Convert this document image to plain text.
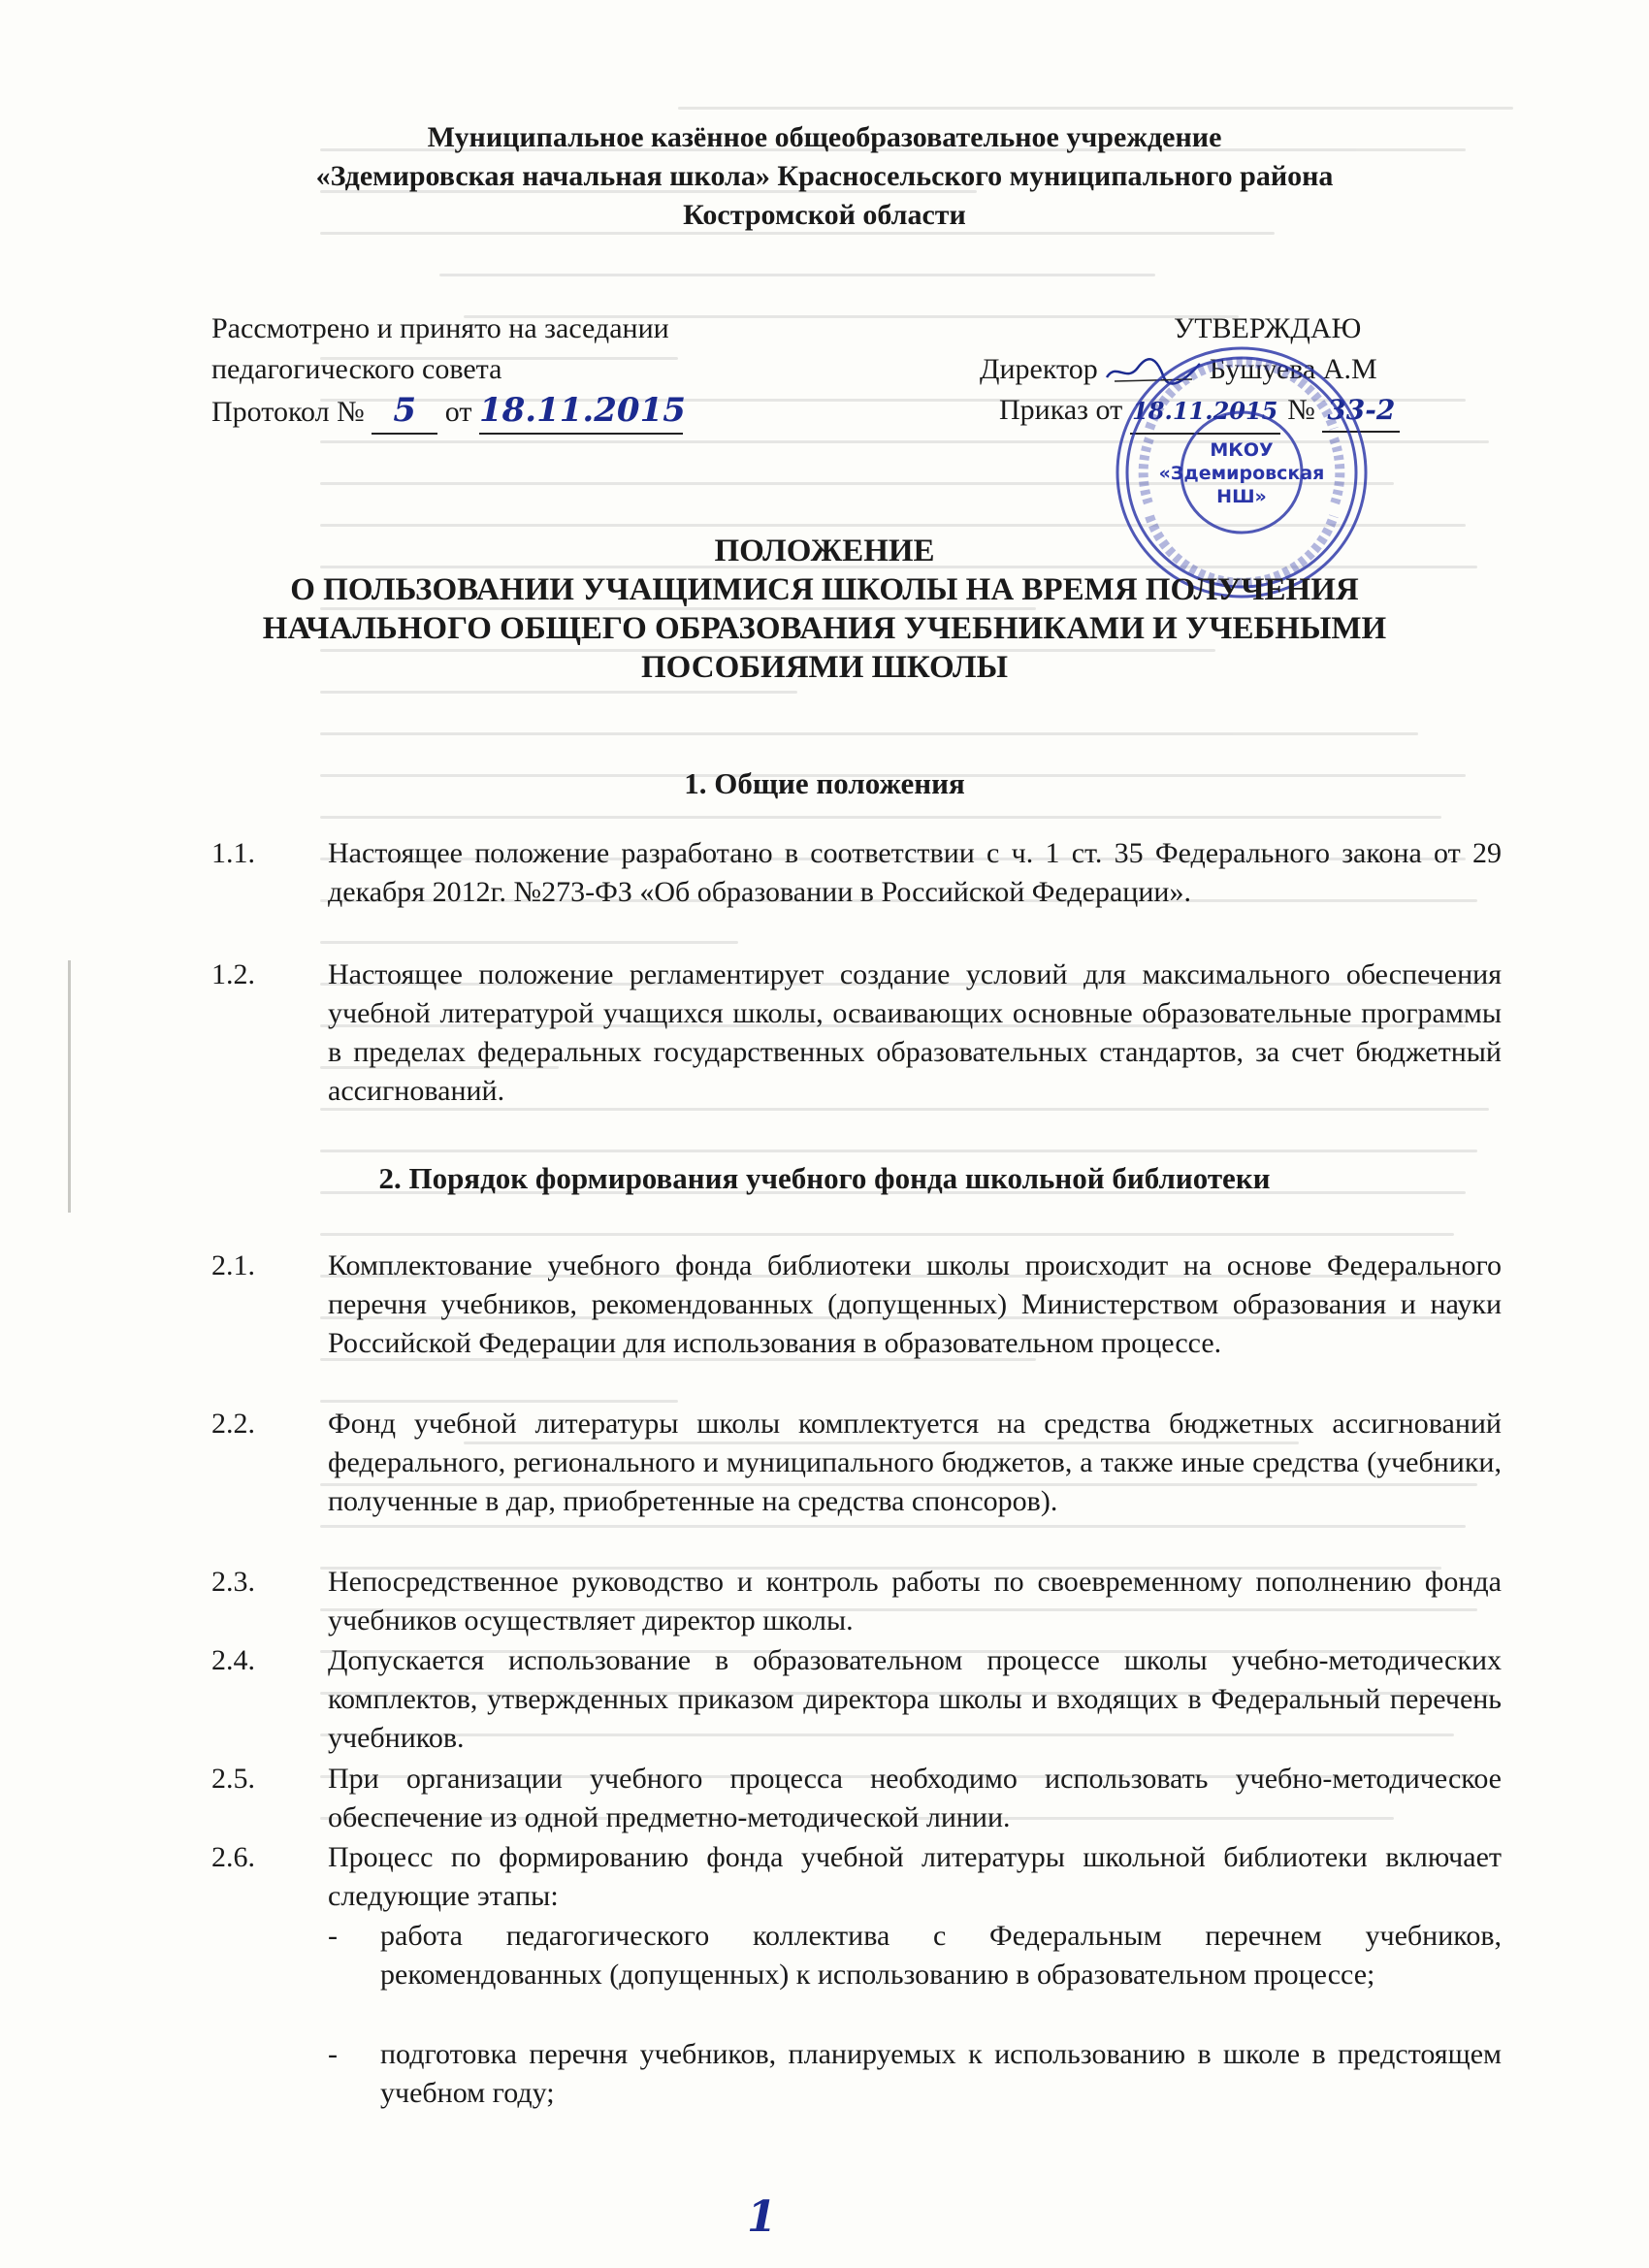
Муниципальное казённое общеобразовательное учреждение
«Здемировская начальная школа» Красносельского муниципального района
Костромской области
Рассмотрено и принято на заседании
педагогического совета
Протокол № 5 от 18.11.2015
УТВЕРЖДАЮ
Директор	Бушуева А.М
Приказ от 18.11.2015 № 33-2
МКОУ
«Здемировская
НШ»
ПОЛОЖЕНИЕ
О ПОЛЬЗОВАНИИ УЧАЩИМИСЯ ШКОЛЫ НА ВРЕМЯ ПОЛУЧЕНИЯ
НАЧАЛЬНОГО ОБЩЕГО ОБРАЗОВАНИЯ УЧЕБНИКАМИ И УЧЕБНЫМИ
ПОСОБИЯМИ ШКОЛЫ
1. Общие положения
1.1.	Настоящее положение разработано в соответствии с ч. 1 ст. 35 Федерального закона от 29 декабря 2012г. №273-ФЗ «Об образовании в Российской Федерации».
1.2.	Настоящее положение регламентирует создание условий для максимального обеспечения учебной литературой учащихся школы, осваивающих основные образовательные программы в пределах федеральных государственных образовательных стандартов, за счет бюджетный ассигнований.
2. Порядок формирования учебного фонда школьной библиотеки
2.1.	Комплектование учебного фонда библиотеки школы происходит на основе Федерального перечня учебников, рекомендованных (допущенных) Министерством образования и науки Российской Федерации для использования в образовательном процессе.
2.2.	Фонд учебной литературы школы комплектуется на средства бюджетных ассигнований федерального, регионального и муниципального бюджетов, а также иные средства (учебники, полученные в дар, приобретенные на средства спонсоров).
2.3.	Непосредственное руководство и контроль работы по своевременному пополнению фонда учебников осуществляет директор школы.
2.4.	Допускается использование в образовательном процессе школы учебно-методических комплектов, утвержденных приказом директора школы и входящих в Федеральный перечень учебников.
2.5.	При организации учебного процесса необходимо использовать учебно-методическое обеспечение из одной предметно-методической линии.
2.6.	Процесс по формированию фонда учебной литературы школьной библиотеки включает следующие этапы:
- работа педагогического коллектива с Федеральным перечнем учебников, рекомендованных (допущенных) к использованию в образовательном процессе;
- подготовка перечня учебников, планируемых к использованию в школе в предстоящем учебном году;
1
